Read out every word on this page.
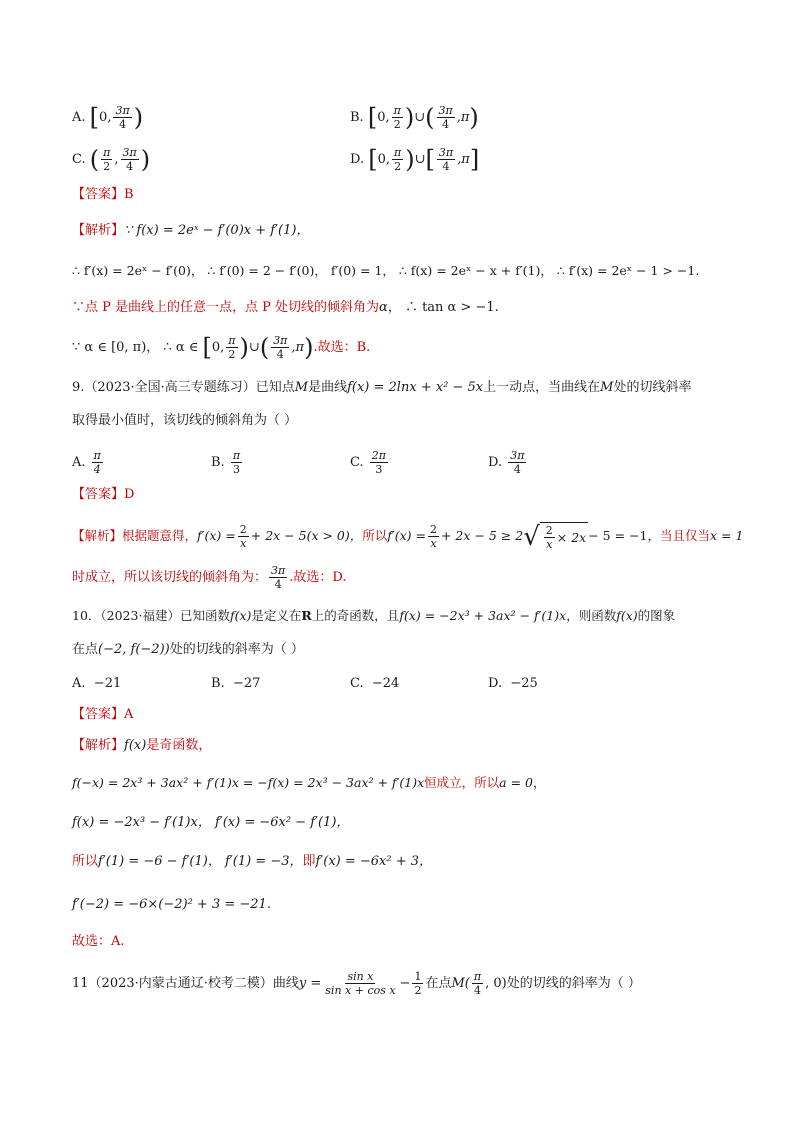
A. [0, $\frac{3\pi}{4}$ )	B. [0, $\frac{\pi}{2}$ )∪( $\frac{3\pi}{4} ,\pi$)
C. ( $\frac{\pi}{2}$ , $\frac{3\pi}{4}$ )	D. [0, $\frac{\pi}{2}$ )∪[ $\frac{3\pi}{4} ,\pi$]
【答案】B
【解析】∵ f(x) = 2eˣ − f′(0)x + f′(1)，
∴ f′(x) = 2eˣ − f′(0)， ∴ f′(0) = 2 − f′(0)， f′(0) = 1， ∴ f(x) = 2eˣ − x + f′(1)， ∴ f′(x) = 2eˣ − 1 > −1.
∵点 P 是曲线上的任意一点，点 P 处切线的倾斜角为α， ∴ tan α > −1.
∵ α ∈ [0, π)， ∴ α ∈ [0, $\frac{\pi}{2}$ )∪( $\frac{3\pi}{4} ,\pi$).故选：B.
9.（2023·全国·高三专题练习）已知点M是曲线f(x) = 2lnx + x² − 5x上一动点，当曲线在M处的切线斜率
取得最小值时，该切线的倾斜角为（ ）
A. $\frac{\pi}{4}$	B. $\frac{\pi}{3}$	C. $\frac{2\pi}{3}$	D. $\frac{3\pi}{4}$
【答案】D
【解析】根据题意得，$f'(x) = \frac{2}{x} + 2x - 5(x > 0)$，所以$f'(x) = \frac{2}{x} + 2x - 5 \ge 2$ √ $\frac{2}{x} \times 2x - 5 = -1$，当且仅当x = 1
时成立，所以该切线的倾斜角为： $\frac{3\pi}{4}$ .故选：D.
10．（2023·福建）已知函数f(x)是定义在R上的奇函数，且f(x) = −2x³ + 3ax² − f′(1)x，则函数f(x)的图象
在点(−2, f(−2))处的切线的斜率为（ ）
A. −21	B. −27	C. −24	D. −25
【答案】A
【解析】f(x)是奇函数，
f(−x) = 2x³ + 3ax² + f′(1)x = −f(x) = 2x³ − 3ax² + f′(1)x恒成立，所以a = 0，
f(x) = −2x³ − f′(1)x， f′(x) = −6x² − f′(1)，
所以f′(1) = −6 − f′(1)， f′(1) = −3，即f′(x) = −6x² + 3，
f′(−2) = −6×(−2)² + 3 = −21.
故选：A.
11（2023·内蒙古通辽·校考二模）曲线$y = \frac{\text{sin x}}{\text{sin x + cos x}} - \frac{1}{2}$ 在点$M( \frac{\pi}{4}$ , 0)处的切线的斜率为（ ）
